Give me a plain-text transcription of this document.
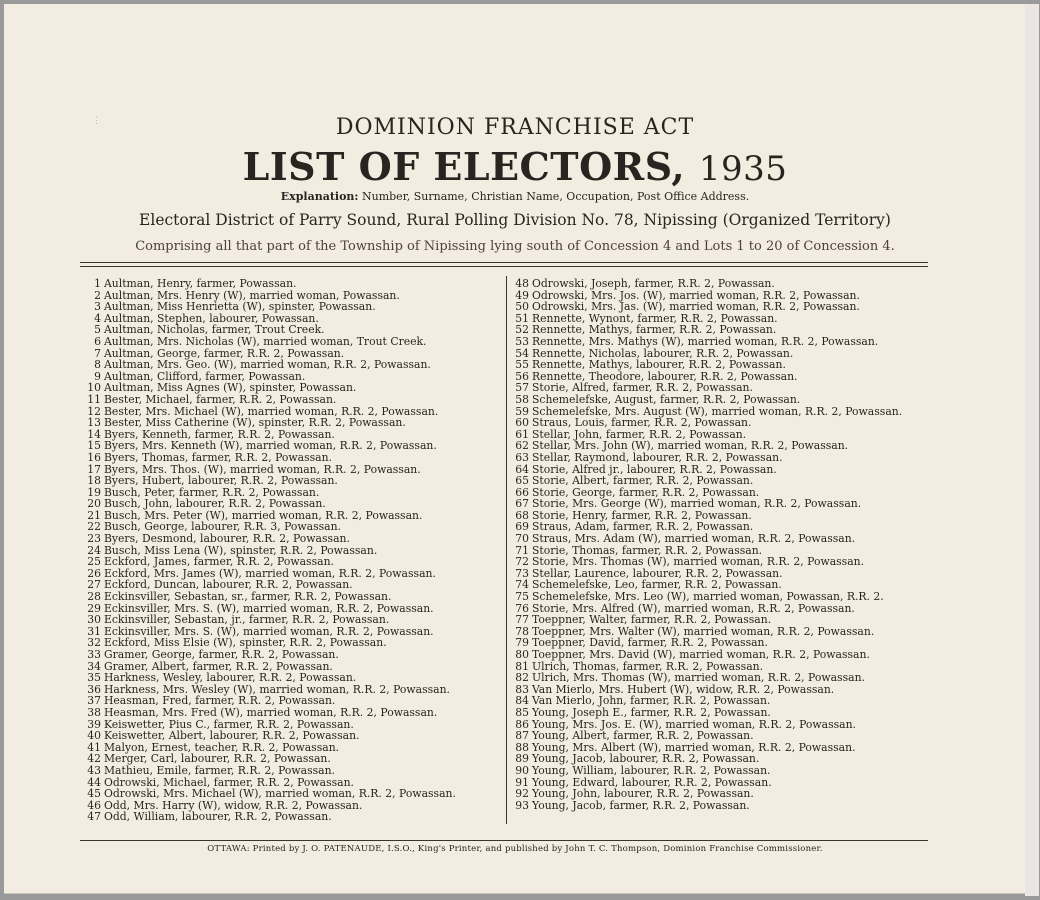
⋮	DOMINION FRANCHISE ACT
LIST OF ELECTORS, 1935
Explanation: Number, Surname, Christian Name, Occupation, Post Office Address.
Electoral District of Parry Sound, Rural Polling Division No. 78, Nipissing (Organized Territory)
Comprising all that part of the Township of Nipissing lying south of Concession 4 and Lots 1 to 20 of Concession 4.
1 Aultman, Henry, farmer, Powassan.
2 Aultman, Mrs. Henry (W), married woman, Powassan.
3 Aultman, Miss Henrietta (W), spinster, Powassan.
4 Aultman, Stephen, labourer, Powassan.
5 Aultman, Nicholas, farmer, Trout Creek.
6 Aultman, Mrs. Nicholas (W), married woman, Trout Creek.
7 Aultman, George, farmer, R.R. 2, Powassan.
8 Aultman, Mrs. Geo. (W), married woman, R.R. 2, Powassan.
9 Aultman, Clifford, farmer, Powassan.
10 Aultman, Miss Agnes (W), spinster, Powassan.
11 Bester, Michael, farmer, R.R. 2, Powassan.
12 Bester, Mrs. Michael (W), married woman, R.R. 2, Powassan.
13 Bester, Miss Catherine (W), spinster, R.R. 2, Powassan.
14 Byers, Kenneth, farmer, R.R. 2, Powassan.
15 Byers, Mrs. Kenneth (W), married woman, R.R. 2, Powassan.
16 Byers, Thomas, farmer, R.R. 2, Powassan.
17 Byers, Mrs. Thos. (W), married woman, R.R. 2, Powassan.
18 Byers, Hubert, labourer, R.R. 2, Powassan.
19 Busch, Peter, farmer, R.R. 2, Powassan.
20 Busch, John, labourer, R.R. 2, Powassan.
21 Busch, Mrs. Peter (W), married woman, R.R. 2, Powassan.
22 Busch, George, labourer, R.R. 3, Powassan.
23 Byers, Desmond, labourer, R.R. 2, Powassan.
24 Busch, Miss Lena (W), spinster, R.R. 2, Powassan.
25 Eckford, James, farmer, R.R. 2, Powassan.
26 Eckford, Mrs. James (W), married woman, R.R. 2, Powassan.
27 Eckford, Duncan, labourer, R.R. 2, Powassan.
28 Eckinsviller, Sebastan, sr., farmer, R.R. 2, Powassan.
29 Eckinsviller, Mrs. S. (W), married woman, R.R. 2, Powassan.
30 Eckinsviller, Sebastan, jr., farmer, R.R. 2, Powassan.
31 Eckinsviller, Mrs. S. (W), married woman, R.R. 2, Powassan.
32 Eckford, Miss Elsie (W), spinster, R.R. 2, Powassan.
33 Gramer, George, farmer, R.R. 2, Powassan.
34 Gramer, Albert, farmer, R.R. 2, Powassan.
35 Harkness, Wesley, labourer, R.R. 2, Powassan.
36 Harkness, Mrs. Wesley (W), married woman, R.R. 2, Powassan.
37 Heasman, Fred, farmer, R.R. 2, Powassan.
38 Heasman, Mrs. Fred (W), married woman, R.R. 2, Powassan.
39 Keiswetter, Pius C., farmer, R.R. 2, Powassan.
40 Keiswetter, Albert, labourer, R.R. 2, Powassan.
41 Malyon, Ernest, teacher, R.R. 2, Powassan.
42 Merger, Carl, labourer, R.R. 2, Powassan.
43 Mathieu, Emile, farmer, R.R. 2, Powassan.
44 Odrowski, Michael, farmer, R.R. 2, Powassan.
45 Odrowski, Mrs. Michael (W), married woman, R.R. 2, Powassan.
46 Odd, Mrs. Harry (W), widow, R.R. 2, Powassan.
47 Odd, William, labourer, R.R. 2, Powassan.
48 Odrowski, Joseph, farmer, R.R. 2, Powassan.
49 Odrowski, Mrs. Jos. (W), married woman, R.R. 2, Powassan.
50 Odrowski, Mrs. Jas. (W), married woman, R.R. 2, Powassan.
51 Rennette, Wynont, farmer, R.R. 2, Powassan.
52 Rennette, Mathys, farmer, R.R. 2, Powassan.
53 Rennette, Mrs. Mathys (W), married woman, R.R. 2, Powassan.
54 Rennette, Nicholas, labourer, R.R. 2, Powassan.
55 Rennette, Mathys, labourer, R.R. 2, Powassan.
56 Rennette, Theodore, labourer, R.R. 2, Powassan.
57 Storie, Alfred, farmer, R.R. 2, Powassan.
58 Schemelefske, August, farmer, R.R. 2, Powassan.
59 Schemelefske, Mrs. August (W), married woman, R.R. 2, Powassan.
60 Straus, Louis, farmer, R.R. 2, Powassan.
61 Stellar, John, farmer, R.R. 2, Powassan.
62 Stellar, Mrs. John (W), married woman, R.R. 2, Powassan.
63 Stellar, Raymond, labourer, R.R. 2, Powassan.
64 Storie, Alfred jr., labourer, R.R. 2, Powassan.
65 Storie, Albert, farmer, R.R. 2, Powassan.
66 Storie, George, farmer, R.R. 2, Powassan.
67 Storie, Mrs. George (W), married woman, R.R. 2, Powassan.
68 Storie, Henry, farmer, R.R. 2, Powassan.
69 Straus, Adam, farmer, R.R. 2, Powassan.
70 Straus, Mrs. Adam (W), married woman, R.R. 2, Powassan.
71 Storie, Thomas, farmer, R.R. 2, Powassan.
72 Storie, Mrs. Thomas (W), married woman, R.R. 2, Powassan.
73 Stellar, Laurence, labourer, R.R. 2, Powassan.
74 Schemelefske, Leo, farmer, R.R. 2, Powassan.
75 Schemelefske, Mrs. Leo (W), married woman, Powassan, R.R. 2.
76 Storie, Mrs. Alfred (W), married woman, R.R. 2, Powassan.
77 Toeppner, Walter, farmer, R.R. 2, Powassan.
78 Toeppner, Mrs. Walter (W), married woman, R.R. 2, Powassan.
79 Toeppner, David, farmer, R.R. 2, Powassan.
80 Toeppner, Mrs. David (W), married woman, R.R. 2, Powassan.
81 Ulrich, Thomas, farmer, R.R. 2, Powassan.
82 Ulrich, Mrs. Thomas (W), married woman, R.R. 2, Powassan.
83 Van Mierlo, Mrs. Hubert (W), widow, R.R. 2, Powassan.
84 Van Mierlo, John, farmer, R.R. 2, Powassan.
85 Young, Joseph E., farmer, R.R. 2, Powassan.
86 Young, Mrs. Jos. E. (W), married woman, R.R. 2, Powassan.
87 Young, Albert, farmer, R.R. 2, Powassan.
88 Young, Mrs. Albert (W), married woman, R.R. 2, Powassan.
89 Young, Jacob, labourer, R.R. 2, Powassan.
90 Young, William, labourer, R.R. 2, Powassan.
91 Young, Edward, labourer, R.R. 2, Powassan.
92 Young, John, labourer, R.R. 2, Powassan.
93 Young, Jacob, farmer, R.R. 2, Powassan.
OTTAWA: Printed by J. O. PATENAUDE, I.S.O., King's Printer, and published by John T. C. Thompson, Dominion Franchise Commissioner.
